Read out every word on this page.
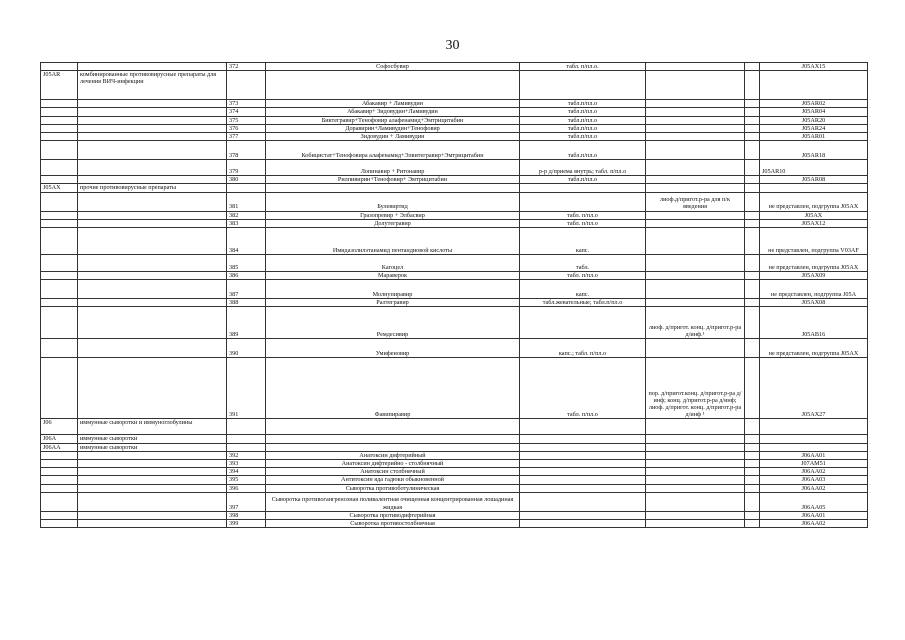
30
		372	Софосбувир	табл. п/пл.о.			J05AX15
J05AR	комбинированные противовирусные препараты для лечения ВИЧ-инфекции						
		373	Абакавир + Ламивудин	табл.п/пл.о			J05AR02
		374	Абакавир+ Зидовудин+Ламивудин	табл.п/пл.о			J05AR04
		375	Биктегравир+Тенофовир алафенамид+Эмтрицитабин	табл.п/пл.о			J05AR20
		376	Доравирин+Ламивудин+Тенофовир	табл.п/пл.о			J05AR24
		377	Зидовудин + Ламивудин	табл.п/пл.о			J05AR01
		378	Кобицистат+Тенофовира алафенамид+Элвитегравир+Эмтрицитабин	табл.п/пл.о			J05AR18
		379	Лопинавир + Ритонавир	р-р д/приема внутрь; табл. п/пл.о			J05AR10
		380	Рилпивирин+Тенофовир+ Эмтрицитабин	табл.п/пл.о			J05AR08
J05AX	прочие противовирусные препараты						
		381	Булевиртид		лиоф.д/пригот.р-ра для п/к введения		не представлен, подгруппа J05AX
		382	Гразопревир + Элбасвир	табл. п/пл.о			J05AX
		383	Долутегравир	табл. п/пл.о			J05AX12
		384	Имидазолилэтанамид пентандиовой кислоты	капс.			не представлен, подгруппа V03AF
		385	Кагоцел	табл.			не представлен, подгруппа J05AX
		386	Мараверок	табл. п/пл.о			J05AX09
		387	Молнупиравир	капс.			не представлен, подгруппа J05A
		388	Ралтегравир	табл.жевательные; табл.п/пл.о			J05AX08
		389	Ремдесивир		лиоф. д/пригот. конц. д/пригот.р-ра д/инф.¹		J05AB16
		390	Умифеновир	капс.; табл. п/пл.о			не представлен, подгруппа J05AX
		391	Фавипиравир	табл. п/пл.о	пор. д/пригот.конц. д/пригот.р-ра д/инф; конц. д/пригот.р-ра д/инф; лиоф. д/пригот. конц. д/пригот.р-ра д/инф ¹		J05AX27
J06	иммунные сыворотки и иммуноглобулины						
J06A	иммунные сыворотки						
J06AA	иммунные сыворотки						
		392	Анатоксин дифтерийный				J06AA01
		393	Анатоксин дифтерийно - столбнячный				J07AM51
		394	Анатоксин столбнячный				J06AA02
		395	Антитоксин яда гадюки обыкновенной				J06AA03
		396	Сыворотка противоботулиническая				J06AA02
		397	Сыворотка противогангренозная поливалентная очищенная концентрированная лошадиная жидкая				J06AA05
		398	Сыворотка противодифтерийная				J06AA01
		399	Сыворотка противостолбнячная				J06AA02
